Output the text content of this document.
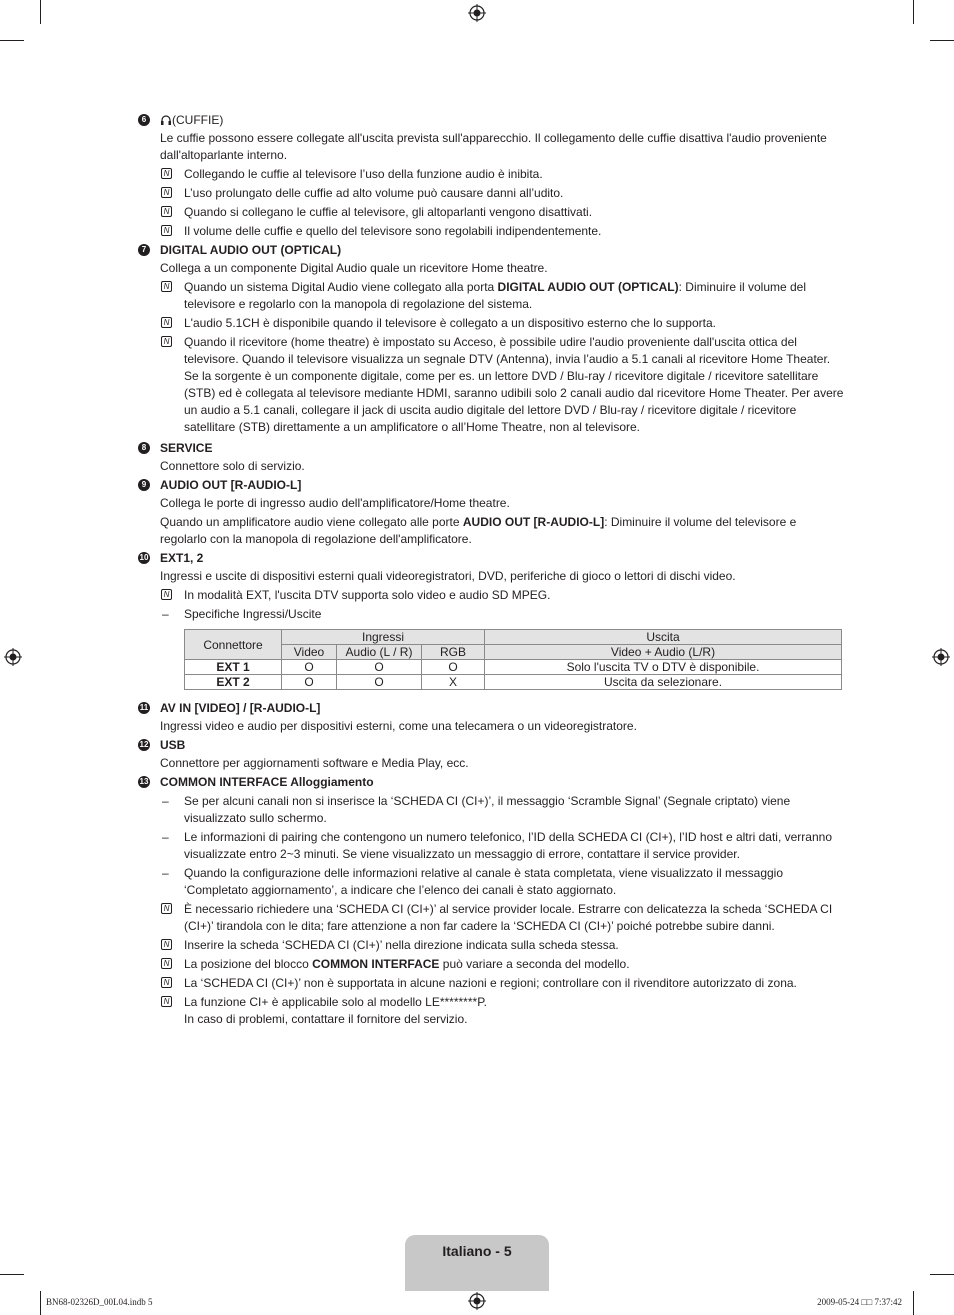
6	(CUFFIE)
Le cuffie possono essere collegate all'uscita prevista sull'apparecchio. Il collegamento delle cuffie disattiva l'audio proveniente dall'altoparlante interno.
N Collegando le cuffie al televisore l’uso della funzione audio è inibita.
N L’uso prolungato delle cuffie ad alto volume può causare danni all’udito.
N Quando si collegano le cuffie al televisore, gli altoparlanti vengono disattivati.
N Il volume delle cuffie e quello del televisore sono regolabili indipendentemente.
7	DIGITAL AUDIO OUT (OPTICAL)
Collega a un componente Digital Audio quale un ricevitore Home theatre.
N Quando un sistema Digital Audio viene collegato alla porta DIGITAL AUDIO OUT (OPTICAL): Diminuire il volume del televisore e regolarlo con la manopola di regolazione del sistema.
N L'audio 5.1CH è disponibile quando il televisore è collegato a un dispositivo esterno che lo supporta.
N Quando il ricevitore (home theatre) è impostato su Acceso, è possibile udire l'audio proveniente dall'uscita ottica del televisore. Quando il televisore visualizza un segnale DTV (Antenna), invia l’audio a 5.1 canali al ricevitore Home Theater. Se la sorgente è un componente digitale, come per es. un lettore DVD / Blu-ray / ricevitore digitale / ricevitore satellitare (STB) ed è collegata al televisore mediante HDMI, saranno udibili solo 2 canali audio dal ricevitore Home Theater. Per avere un audio a 5.1 canali, collegare il jack di uscita audio digitale del lettore DVD / Blu-ray / ricevitore digitale / ricevitore satellitare (STB) direttamente a un amplificatore o all’Home Theatre, non al televisore.
8	SERVICE
Connettore solo di servizio.
9	AUDIO OUT [R-AUDIO-L]
Collega le porte di ingresso audio dell'amplificatore/Home theatre.
Quando un amplificatore audio viene collegato alle porte AUDIO OUT [R-AUDIO-L]: Diminuire il volume del televisore e regolarlo con la manopola di regolazione dell'amplificatore.
10 EXT1, 2
Ingressi e uscite di dispositivi esterni quali videoregistratori, DVD, periferiche di gioco o lettori di dischi video.
N In modalità EXT, l'uscita DTV supporta solo video e audio SD MPEG.
– Specifiche Ingressi/Uscite
Connettore	Ingressi			Uscita
	Video	Audio (L / R)	RGB	Video + Audio (L/R)
EXT 1	O	O	O	Solo l'uscita TV o DTV è disponibile.
EXT 2	O	O	X	Uscita da selezionare.
11 AV IN [VIDEO] / [R-AUDIO-L]
Ingressi video e audio per dispositivi esterni, come una telecamera o un videoregistratore.
12 USB
Connettore per aggiornamenti software e Media Play, ecc.
13 COMMON INTERFACE Alloggiamento
– Se per alcuni canali non si inserisce la ‘SCHEDA CI (CI+)’, il messaggio ‘Scramble Signal’ (Segnale criptato) viene visualizzato sullo schermo.
– Le informazioni di pairing che contengono un numero telefonico, l’ID della SCHEDA CI (CI+), l’ID host e altri dati, verranno visualizzate entro 2~3 minuti. Se viene visualizzato un messaggio di errore, contattare il service provider.
– Quando la configurazione delle informazioni relative al canale è stata completata, viene visualizzato il messaggio ‘Completato aggiornamento’, a indicare che l’elenco dei canali è stato aggiornato.
N È necessario richiedere una ‘SCHEDA CI (CI+)’ al service provider locale. Estrarre con delicatezza la scheda ‘SCHEDA CI (CI+)’ tirandola con le dita; fare attenzione a non far cadere la ‘SCHEDA CI (CI+)’ poiché potrebbe subire danni.
N Inserire la scheda ‘SCHEDA CI (CI+)’ nella direzione indicata sulla scheda stessa.
N La posizione del blocco COMMON INTERFACE può variare a seconda del modello.
N La ‘SCHEDA CI (CI+)’ non è supportata in alcune nazioni e regioni; controllare con il rivenditore autorizzato di zona.
N La funzione CI+ è applicabile solo al modello LE********P.
In caso di problemi, contattare il fornitore del servizio.
Italiano - 5
BN68-02326D_00L04.indb 5	2009-05-24 □□ 7:37:42
